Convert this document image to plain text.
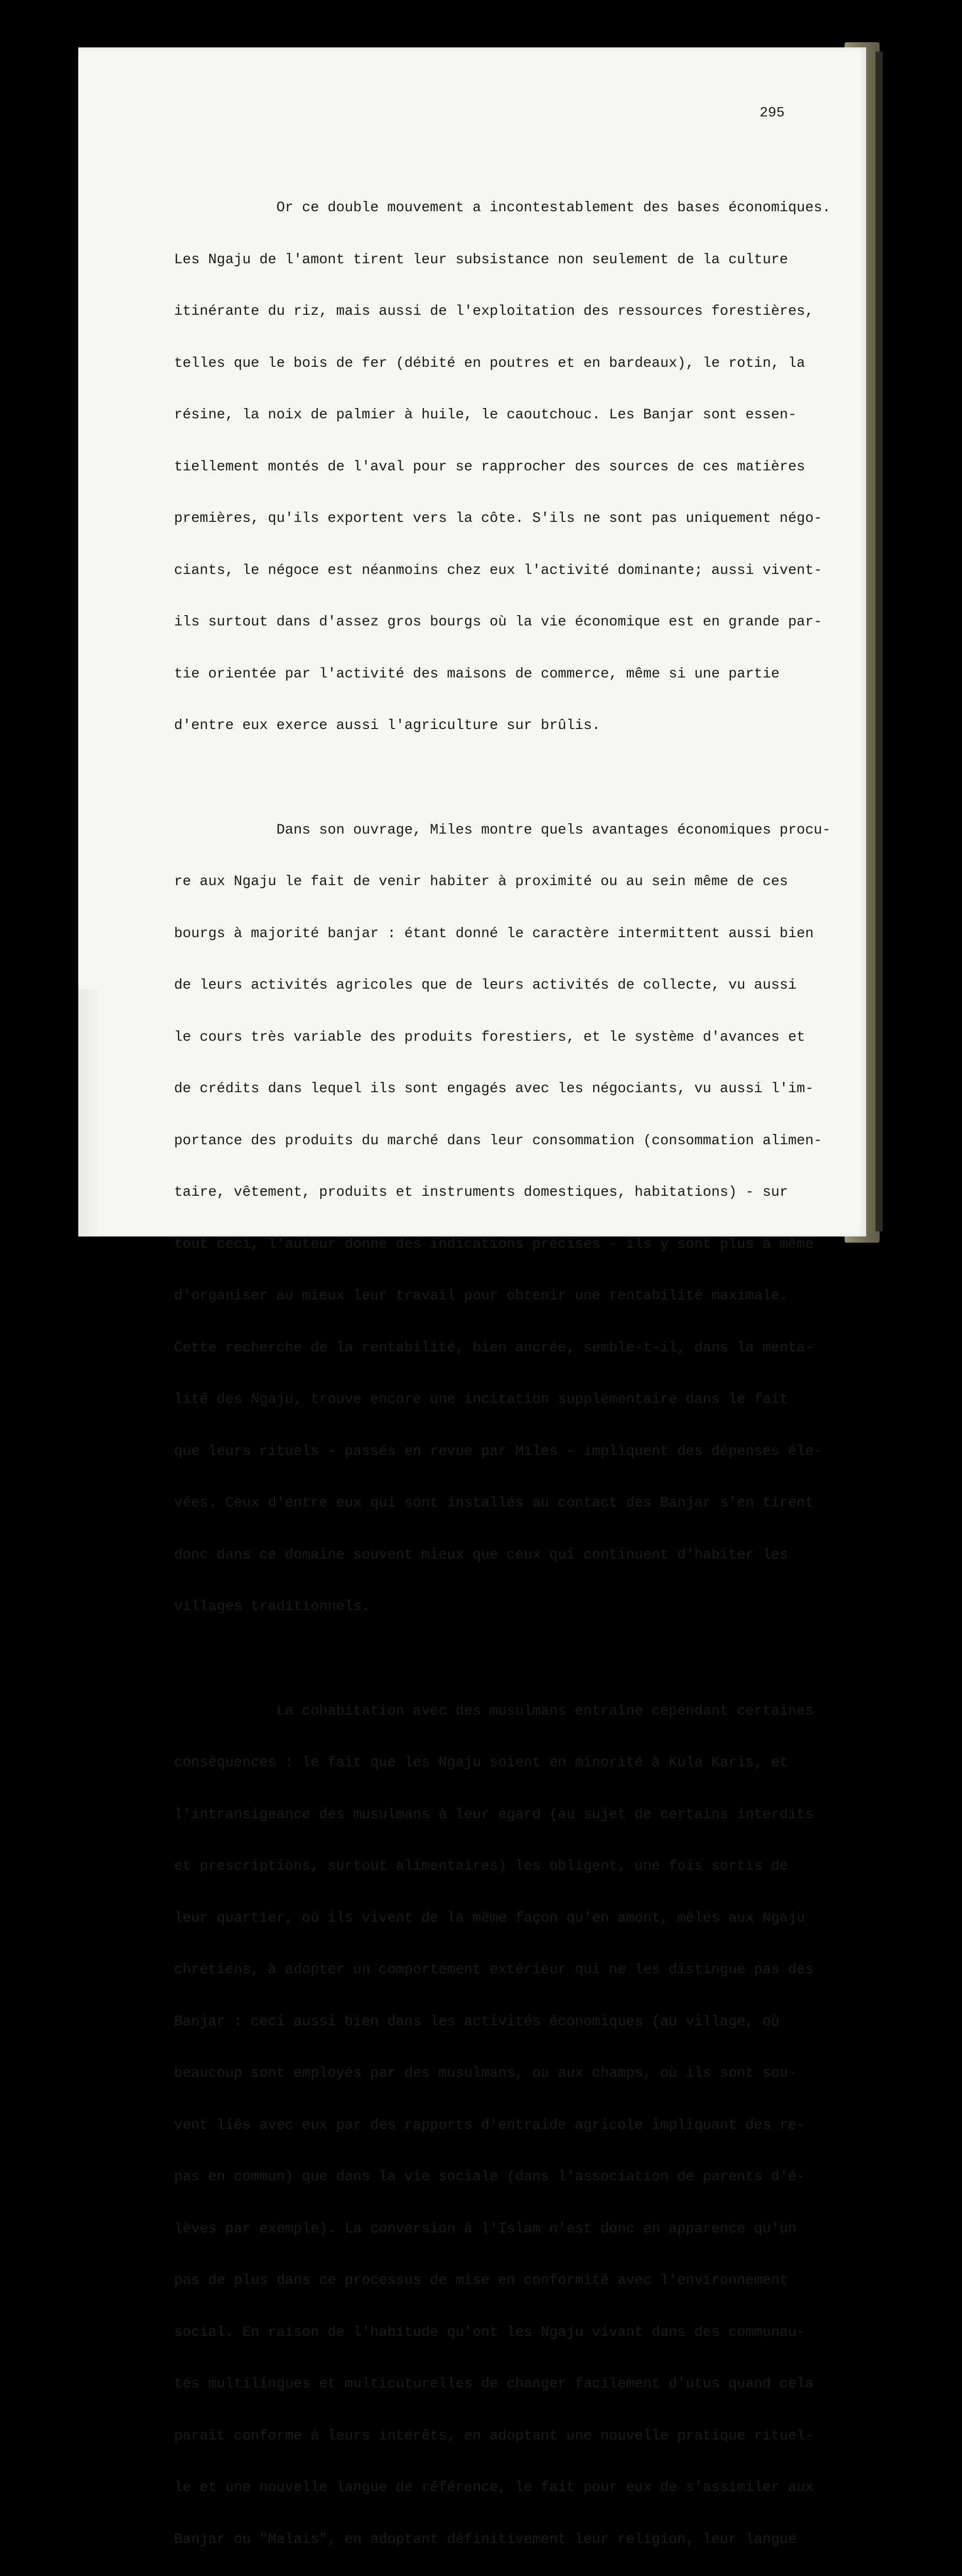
295

Or ce double mouvement a incontestablement des bases économiques.

Les Ngaju de l'amont tirent leur subsistance non seulement de la culture

itinérante du riz, mais aussi de l'exploitation des ressources forestières,

telles que le bois de fer (débité en poutres et en bardeaux), le rotin, la

résine, la noix de palmier à huile, le caoutchouc. Les Banjar sont essen-

tiellement montés de l'aval pour se rapprocher des sources de ces matières

premières, qu'ils exportent vers la côte. S'ils ne sont pas uniquement négo-

ciants, le négoce est néanmoins chez eux l'activité dominante; aussi vivent-

ils surtout dans d'assez gros bourgs où la vie économique est en grande par-

tie orientée par l'activité des maisons de commerce, même si une partie

d'entre eux exerce aussi l'agriculture sur brûlis.

Dans son ouvrage, Miles montre quels avantages économiques procu-

re aux Ngaju le fait de venir habiter à proximité ou au sein même de ces

bourgs à majorité banjar : étant donné le caractère intermittent aussi bien

de leurs activités agricoles que de leurs activités de collecte, vu aussi

le cours très variable des produits forestiers, et le système d'avances et

de crédits dans lequel ils sont engagés avec les négociants, vu aussi l'im-

portance des produits du marché dans leur consommation (consommation alimen-

taire, vêtement, produits et instruments domestiques, habitations) - sur

tout ceci, l'auteur donne des indications précises - ils y sont plus à même

d'organiser au mieux leur travail pour obtenir une rentabilité maximale.

Cette recherche de la rentabilité, bien ancrée, semble-t-il, dans la menta-

lité des Ngaju, trouve encore une incitation supplémentaire dans le fait

que leurs rituels - passés en revue par Miles - impliquent des dépenses éle-

vées. Ceux d'entre eux qui sont installés au contact des Banjar s'en tirent

donc dans ce domaine souvent mieux que ceux qui continuent d'habiter les

villages traditionnels.

La cohabitation avec des musulmans entraîne cependant certaines

conséquences : le fait que les Ngaju soient en minorité à Kula Karis, et

l'intransigeance des musulmans à leur égard (au sujet de certains interdits

et prescriptions, surtout alimentaires) les obligent, une fois sortis de

leur quartier, où ils vivent de la même façon qu'en amont, mêlés aux Ngaju

chrétiens, à adopter un comportement extérieur qui ne les distingue pas des

Banjar : ceci aussi bien dans les activités économiques (au village, où

beaucoup sont employés par des musulmans, ou aux champs, où ils sont sou-

vent liés avec eux par des rapports d'entraide agricole impliquant des re-

pas en commun) que dans la vie sociale (dans l'association de parents d'é-

lèves par exemple). La conversion à l'Islam n'est donc en apparence qu'un

pas de plus dans ce processus de mise en conformité avec l'environnement

social. En raison de l'habitude qu'ont les Ngaju vivant dans des communau-

tés multilingues et multicuturelles de changer facilement d'utus quand cela

paraît conforme à leurs intérêts, en adoptant une nouvelle pratique rituel-

le et une nouvelle langue de référence, le fait pour eux de s'assimiler aux

Banjar ou "Malais", en adoptant définitivement leur religion, leur langue
